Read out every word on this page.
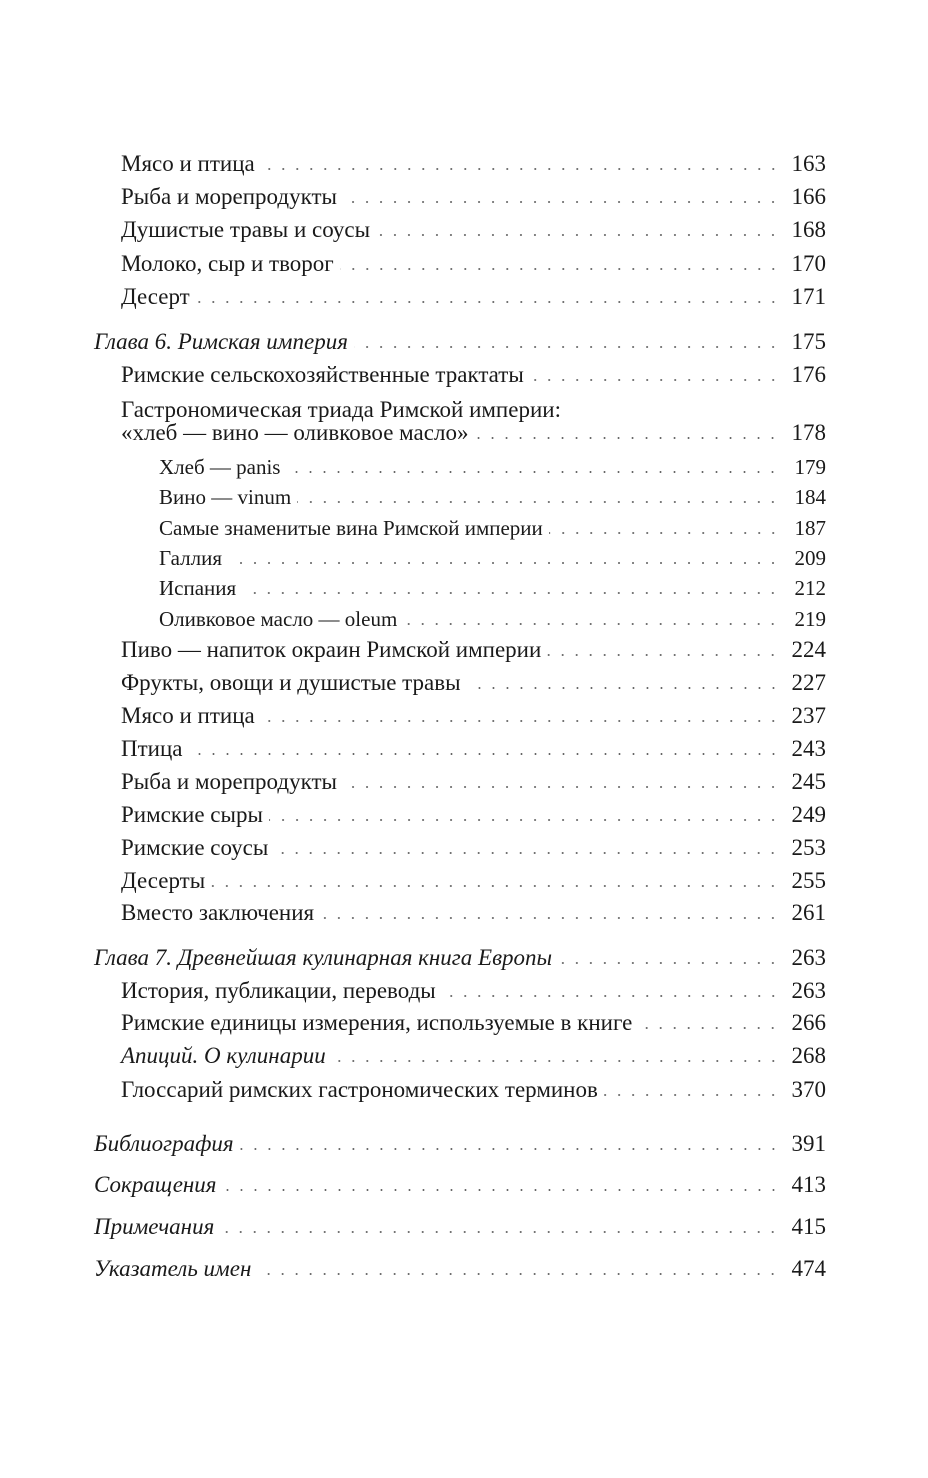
Мясо и птица	163
Рыба и морепродукты	166
Душистые травы и соусы	168
Молоко, сыр и творог	170
Десерт	171
Глава 6. Римская империя	175
Римские сельскохозяйственные трактаты	176
Гастрономическая триада Римской империи:
«хлеб — вино — оливковое масло»	178
Хлеб — panis	179
Вино — vinum	184
Самые знаменитые вина Римской империи	187
Галлия	209
Испания	212
Оливковое масло — oleum	219
Пиво — напиток окраин Римской империи	224
Фрукты, овощи и душистые травы	227
Мясо и птица	237
Птица	243
Рыба и морепродукты	245
Римские сыры	249
Римские соусы	253
Десерты	255
Вместо заключения	261
Глава 7. Древнейшая кулинарная книга Европы	263
История, публикации, переводы	263
Римские единицы измерения, используемые в книге	266
Апиций. О кулинарии	268
Глоссарий римских гастрономических терминов	370
Библиография	391
Сокращения	413
Примечания	415
Указатель имен	474
